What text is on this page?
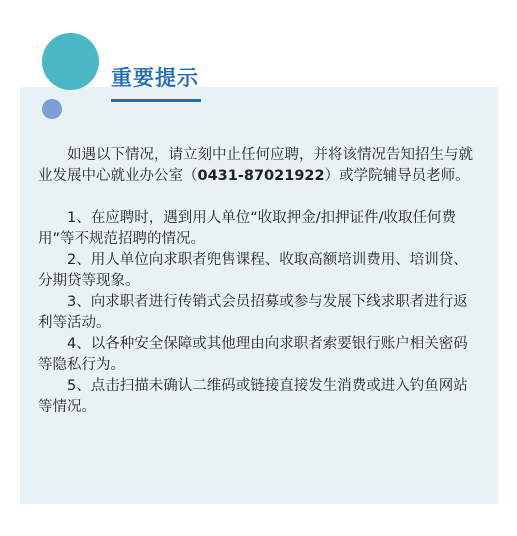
重要提示

如遇以下情况，请立刻中止任何应聘，并将该情况告知招生与就业发展中心就业办公室（0431-87021922）或学院辅导员老师。

1、在应聘时，遇到用人单位“收取押金/扣押证件/收取任何费用”等不规范招聘的情况。

2、用人单位向求职者兜售课程、收取高额培训费用、培训贷、分期贷等现象。

3、向求职者进行传销式会员招募或参与发展下线求职者进行返利等活动。

4、以各种安全保障或其他理由向求职者索要银行账户相关密码等隐私行为。

5、点击扫描未确认二维码或链接直接发生消费或进入钓鱼网站等情况。
